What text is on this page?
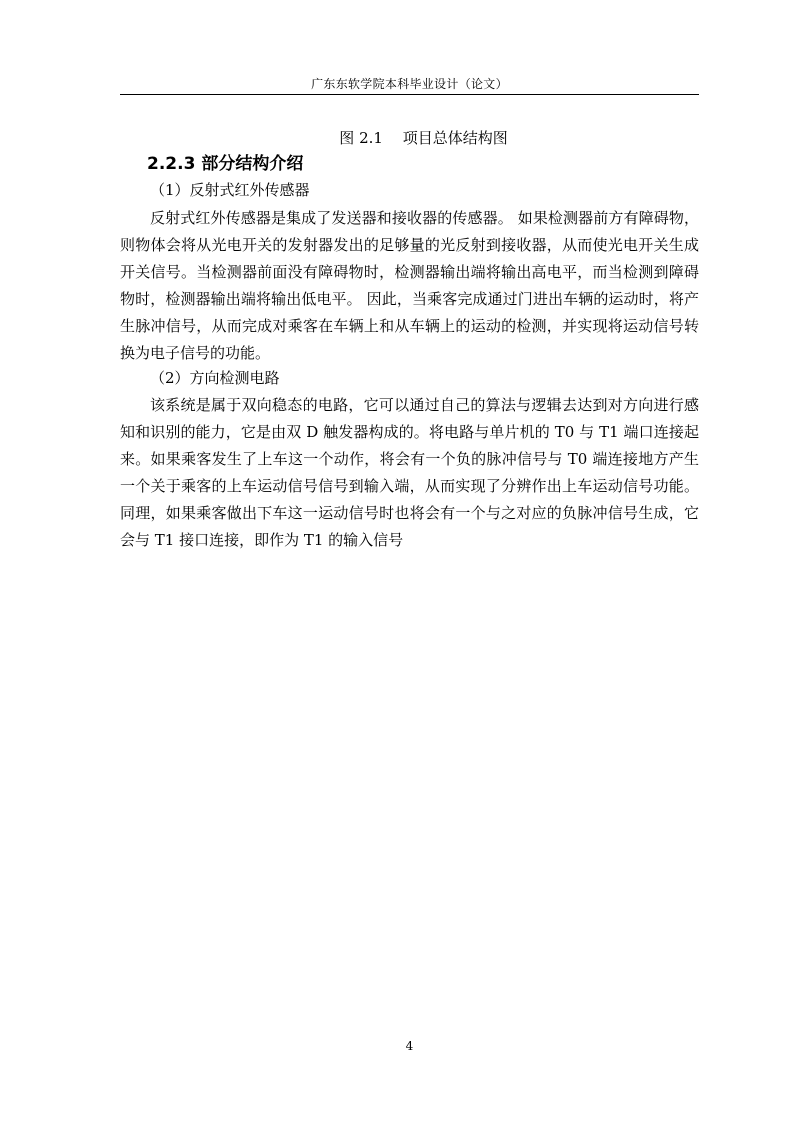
广东东软学院本科毕业设计（论文）
图 2.1　 项目总体结构图
2.2.3 部分结构介绍
（1）反射式红外传感器

反射式红外传感器是集成了发送器和接收器的传感器。 如果检测器前方有障碍物，则物体会将从光电开关的发射器发出的足够量的光反射到接收器，从而使光电开关生成开关信号。当检测器前面没有障碍物时，检测器输出端将输出高电平，而当检测到障碍物时，检测器输出端将输出低电平。 因此，当乘客完成通过门进出车辆的运动时，将产生脉冲信号，从而完成对乘客在车辆上和从车辆上的运动的检测，并实现将运动信号转换为电子信号的功能。

（2）方向检测电路

该系统是属于双向稳态的电路，它可以通过自己的算法与逻辑去达到对方向进行感知和识别的能力，它是由双 D 触发器构成的。将电路与单片机的 T0 与 T1 端口连接起来。如果乘客发生了上车这一个动作，将会有一个负的脉冲信号与 T0 端连接地方产生一个关于乘客的上车运动信号信号到输入端，从而实现了分辨作出上车运动信号功能。同理，如果乘客做出下车这一运动信号时也将会有一个与之对应的负脉冲信号生成，它会与 T1 接口连接，即作为 T1 的输入信号

4
